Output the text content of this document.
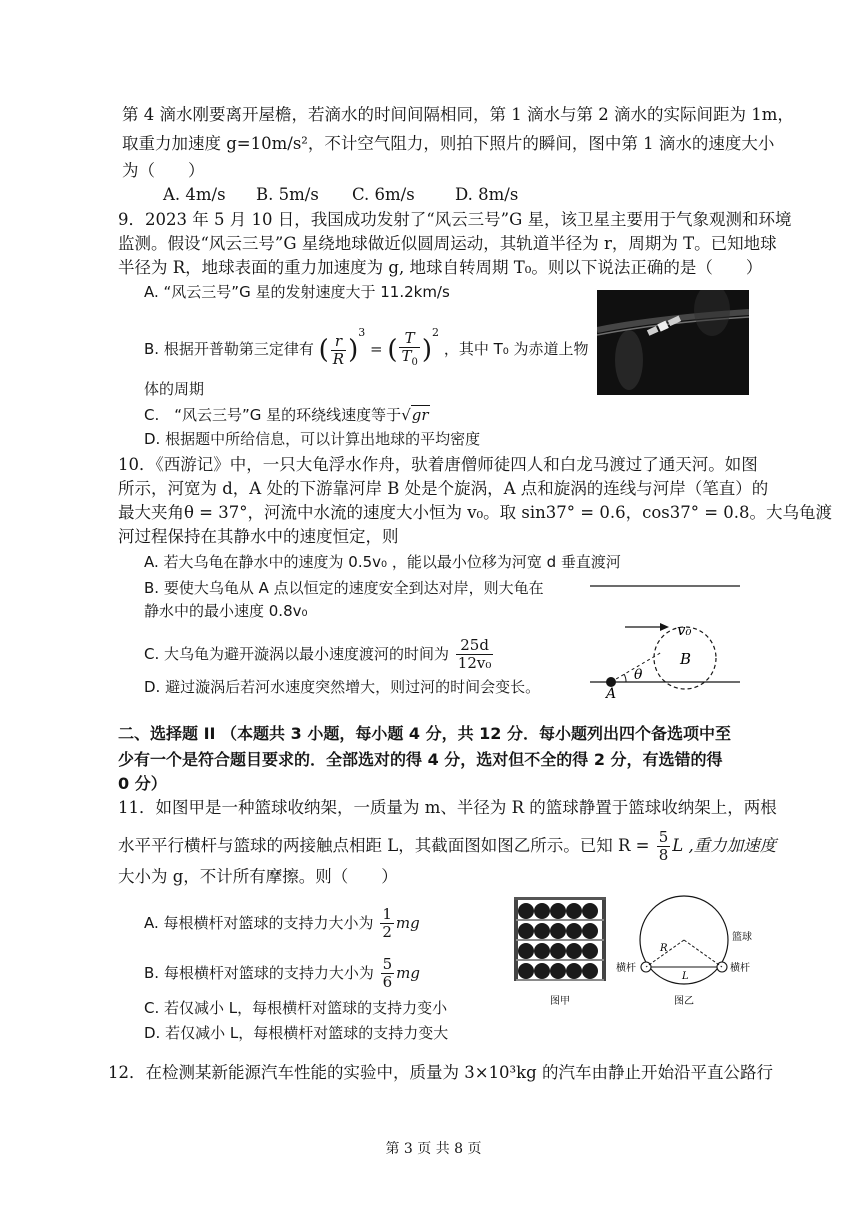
第 4 滴水刚要离开屋檐，若滴水的时间间隔相同，第 1 滴水与第 2 滴水的实际间距为 1m，
取重力加速度 g=10m/s²，不计空气阻力，则拍下照片的瞬间，图中第 1 滴水的速度大小
为（　　）
A. 4m/s B. 5m/s C. 6m/s D. 8m/s
9．2023 年 5 月 10 日，我国成功发射了“风云三号”G 星，该卫星主要用于气象观测和环境
监测。假设“风云三号”G 星绕地球做近似圆周运动，其轨道半径为 r，周期为 T。已知地球
半径为 R，地球表面的重力加速度为 g, 地球自转周期 T₀。则以下说法正确的是（　　）
A. “风云三号”G 星的发射速度大于 11.2km/s
B. 根据开普勒第三定律有 ( $\frac{r}{R} )^3$ = ( $\frac{T}{T_0} )^2$ ，其中 T₀ 为赤道上物
体的周期
C.　“风云三号”G 星的环绕线速度等于√gr
D. 根据题中所给信息，可以计算出地球的平均密度
10．《西游记》中，一只大龟浮水作舟，驮着唐僧师徒四人和白龙马渡过了通天河。如图
所示，河宽为 d，A 处的下游靠河岸 B 处是个旋涡，A 点和旋涡的连线与河岸（笔直）的
最大夹角θ = 37°，河流中水流的速度大小恒为 v₀。取 sin37° = 0.6，cos37° = 0.8。大乌龟渡
河过程保持在其静水中的速度恒定，则
A. 若大乌龟在静水中的速度为 0.5v₀ ，能以最小位移为河宽 d 垂直渡河
B. 要使大乌龟从 A 点以恒定的速度安全到达对岸，则大龟在
静水中的最小速度 0.8v₀
C. 大乌龟为避开漩涡以最小速度渡河的时间为 $\frac{25d}{\text{12v₀}}$
D. 避过漩涡后若河水速度突然增大，则过河的时间会变长。
v₀
B
θ
A
二、选择题 II （本题共 3 小题，每小题 4 分，共 12 分．每小题列出四个备选项中至
少有一个是符合题目要求的．全部选对的得 4 分，选对但不全的得 2 分，有选错的得
0 分）
11．如图甲是一种篮球收纳架，一质量为 m、半径为 R 的篮球静置于篮球收纳架上，两根
水平平行横杆与篮球的两接触点相距 L，其截面图如图乙所示。已知 $R = \frac{5}{8}$ L ,重力加速度
大小为 g，不计所有摩擦。则（　　）
A. 每根横杆对篮球的支持力大小为 $\frac{1}{2}$ mg
B. 每根横杆对篮球的支持力大小为 $\frac{5}{6}$ mg
C. 若仅减小 L，每根横杆对篮球的支持力变小
D. 若仅减小 L，每根横杆对篮球的支持力变大
图甲
R
L
篮球
横杆	横杆
图乙
12．在检测某新能源汽车性能的实验中，质量为 3×10³kg 的汽车由静止开始沿平直公路行
第 3 页 共 8 页
